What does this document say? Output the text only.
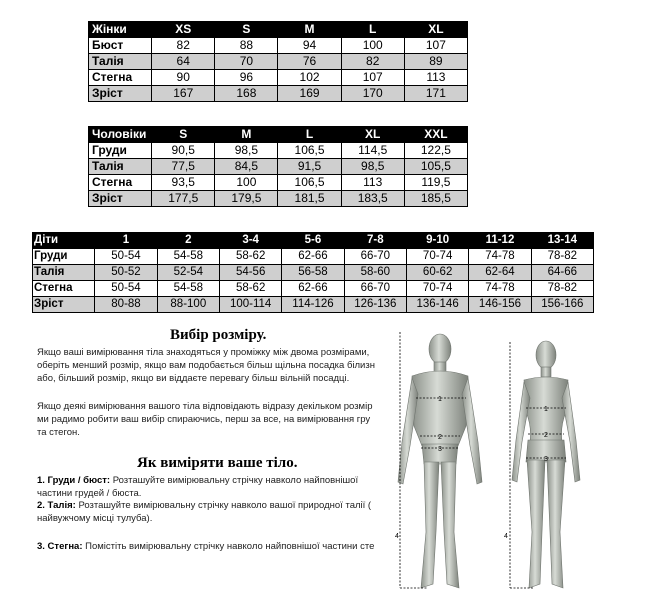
Жінки	XS	S	M	L	XL
Бюст	82	88	94	100	107
Талія	64	70	76	82	89
Стегна	90	96	102	107	113
Зріст	167	168	169	170	171
Чоловіки	S	M	L	XL	XXL
Груди	90,5	98,5	106,5	114,5	122,5
Талія	77,5	84,5	91,5	98,5	105,5
Стегна	93,5	100	106,5	113	119,5
Зріст	177,5	179,5	181,5	183,5	185,5
Діти	1	2	3-4	5-6	7-8	9-10	11-12	13-14
Груди	50-54	54-58	58-62	62-66	66-70	70-74	74-78	78-82
Талія	50-52	52-54	54-56	56-58	58-60	60-62	62-64	64-66
Стегна	50-54	54-58	58-62	62-66	66-70	70-74	74-78	78-82
Зріст	80-88	88-100	100-114	114-126	126-136	136-146	146-156	156-166
Вибір розміру.
Якщо ваші вимірювання тіла знаходяться у проміжку між двома розмірами,
оберіть менший розмір, якщо вам подобається більш щільна посадка білизн
або, більший розмір, якщо ви віддаєте перевагу більш вільній посадці.
Якщо деякі вимірювання вашого тіла відповідають відразу декільком розмір
ми радимо робити ваш вибір спираючись, перш за все, на вимірювання гру
та стегон.
Як виміряти ваше тіло.
1. Груди / бюст: Розташуйте вимірювальну стрічку навколо найповнішої
частини грудей / бюста.
2. Талія: Розташуйте вимірювальну стрічку навколо вашої природної талії (
найвужчому місці тулуба).
3. Стегна: Помістіть вимірювальну стрічку навколо найповнішої частини сте
1
2
3
4
1
2
3
4
